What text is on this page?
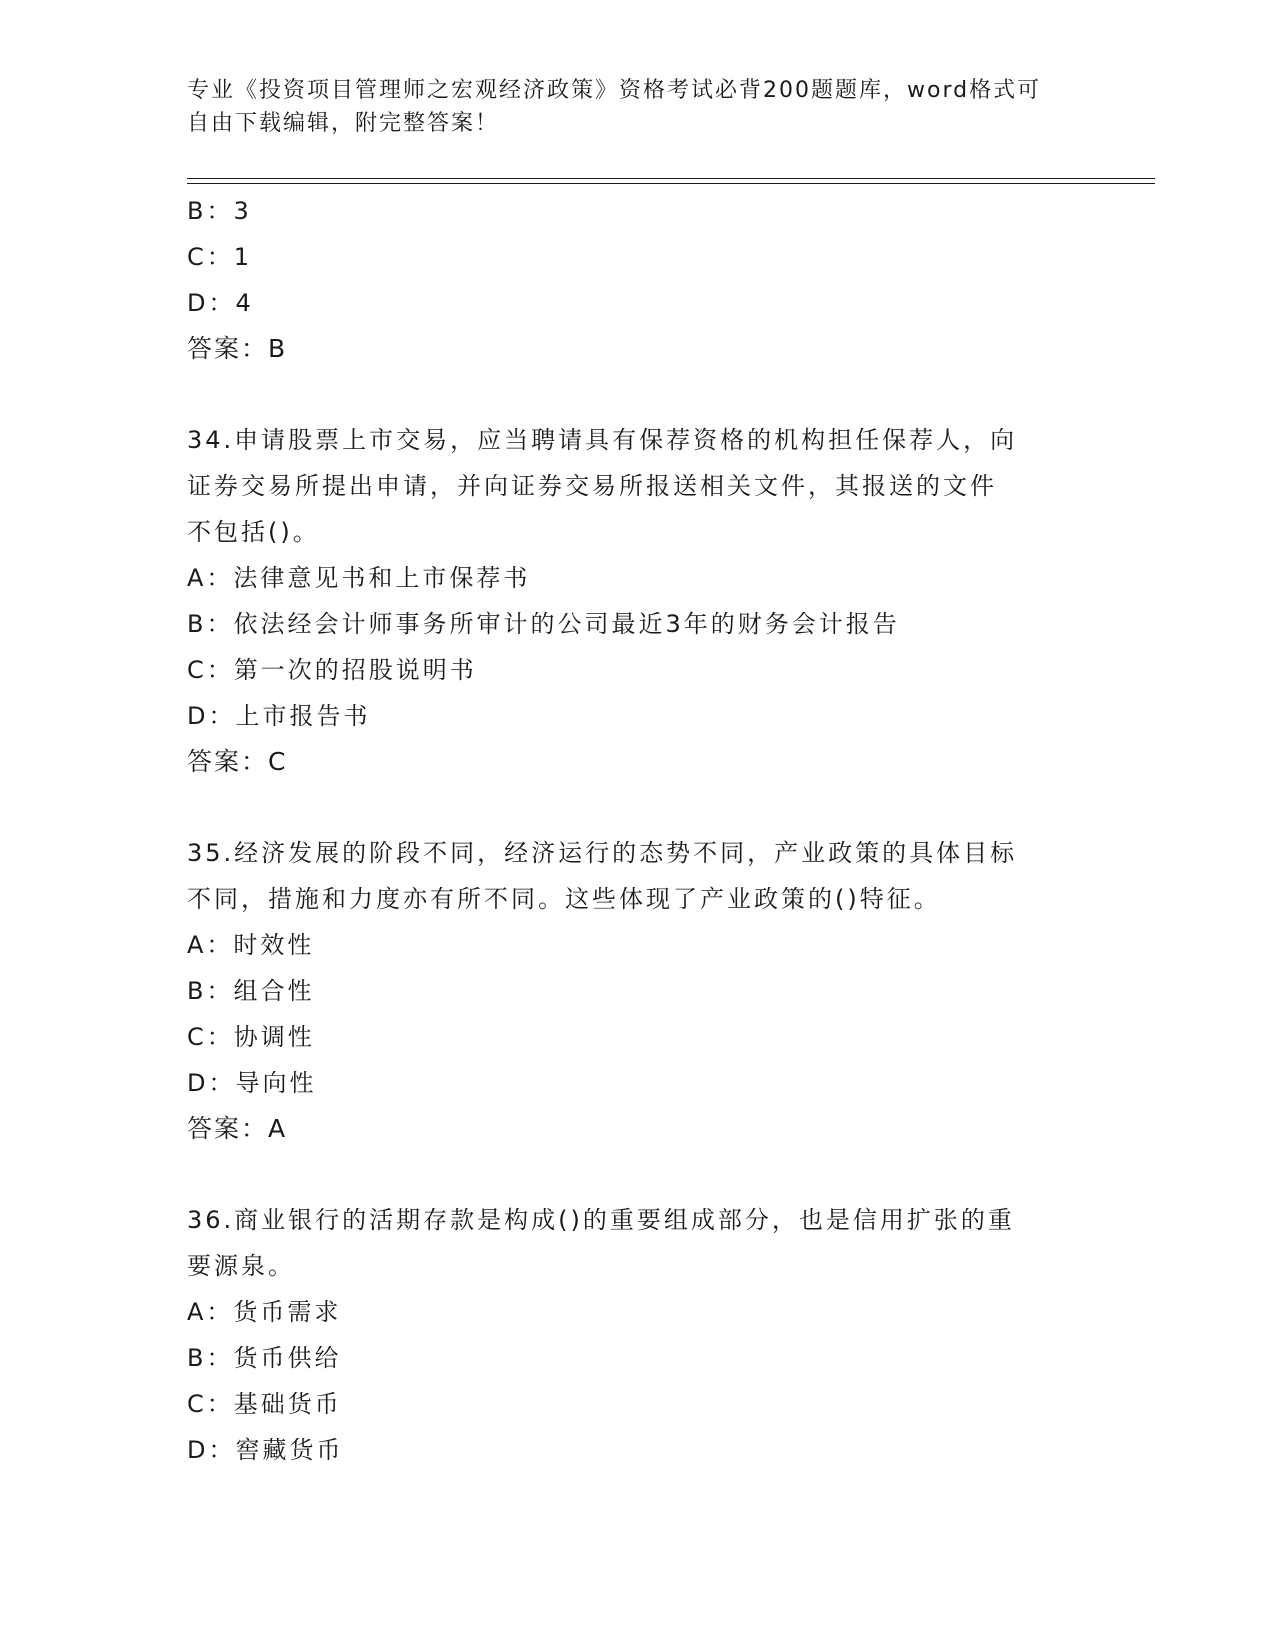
专业《投资项目管理师之宏观经济政策》资格考试必背200题题库，word格式可
自由下载编辑，附完整答案！
B：3
C：1
D：4
答案：B
34.申请股票上市交易，应当聘请具有保荐资格的机构担任保荐人，向
证券交易所提出申请，并向证券交易所报送相关文件，其报送的文件
不包括()。
A：法律意见书和上市保荐书
B：依法经会计师事务所审计的公司最近3年的财务会计报告
C：第一次的招股说明书
D：上市报告书
答案：C
35.经济发展的阶段不同，经济运行的态势不同，产业政策的具体目标
不同，措施和力度亦有所不同。这些体现了产业政策的()特征。
A：时效性
B：组合性
C：协调性
D：导向性
答案：A
36.商业银行的活期存款是构成()的重要组成部分，也是信用扩张的重
要源泉。
A：货币需求
B：货币供给
C：基础货币
D：窖藏货币
